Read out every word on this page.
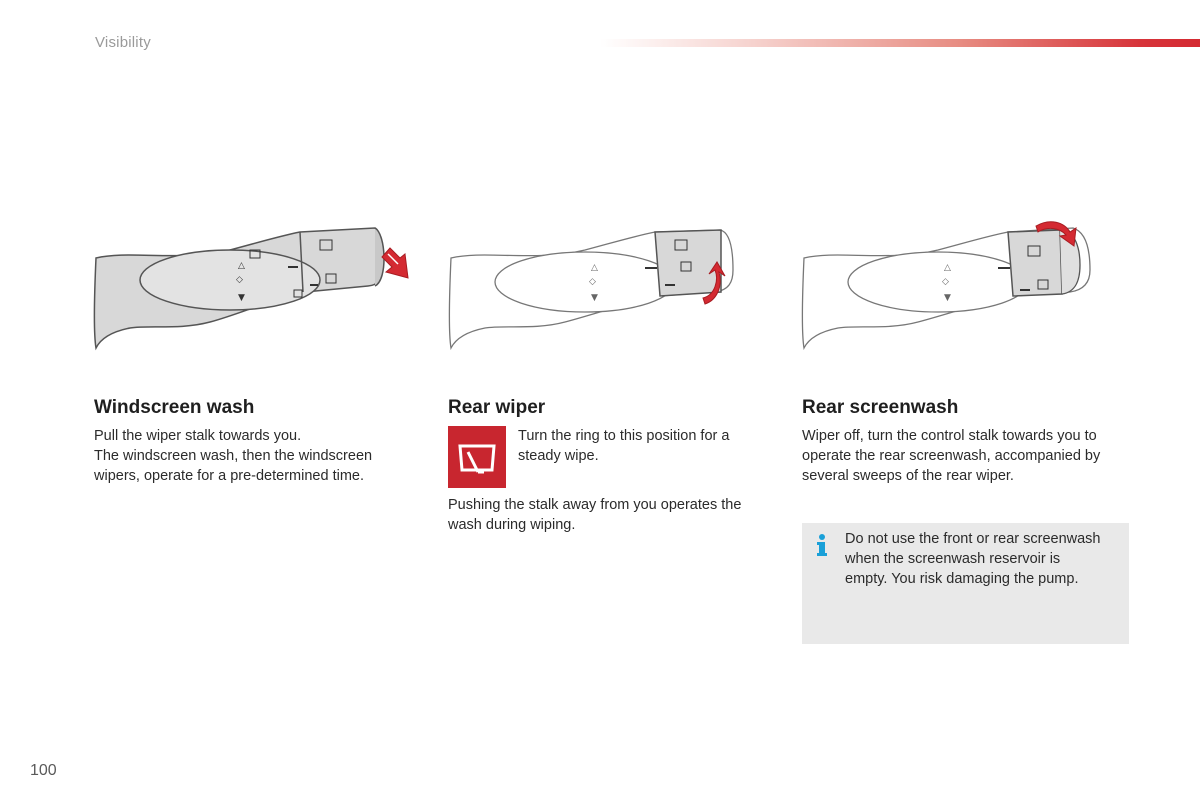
Visibility
△
◇
▼
△
◇
▼
△
◇
▼
Windscreen wash

Pull the wiper stalk towards you.
The windscreen wash, then the windscreen
wipers, operate for a pre-determined time.

Rear wiper

Turn the ring to this position for a
steady wipe.

Pushing the stalk away from you operates the
wash during wiping.

Rear screenwash

Wiper off, turn the control stalk towards you to
operate the rear screenwash, accompanied by
several sweeps of the rear wiper.

Do not use the front or rear screenwash
when the screenwash reservoir is
empty. You risk damaging the pump.

100
